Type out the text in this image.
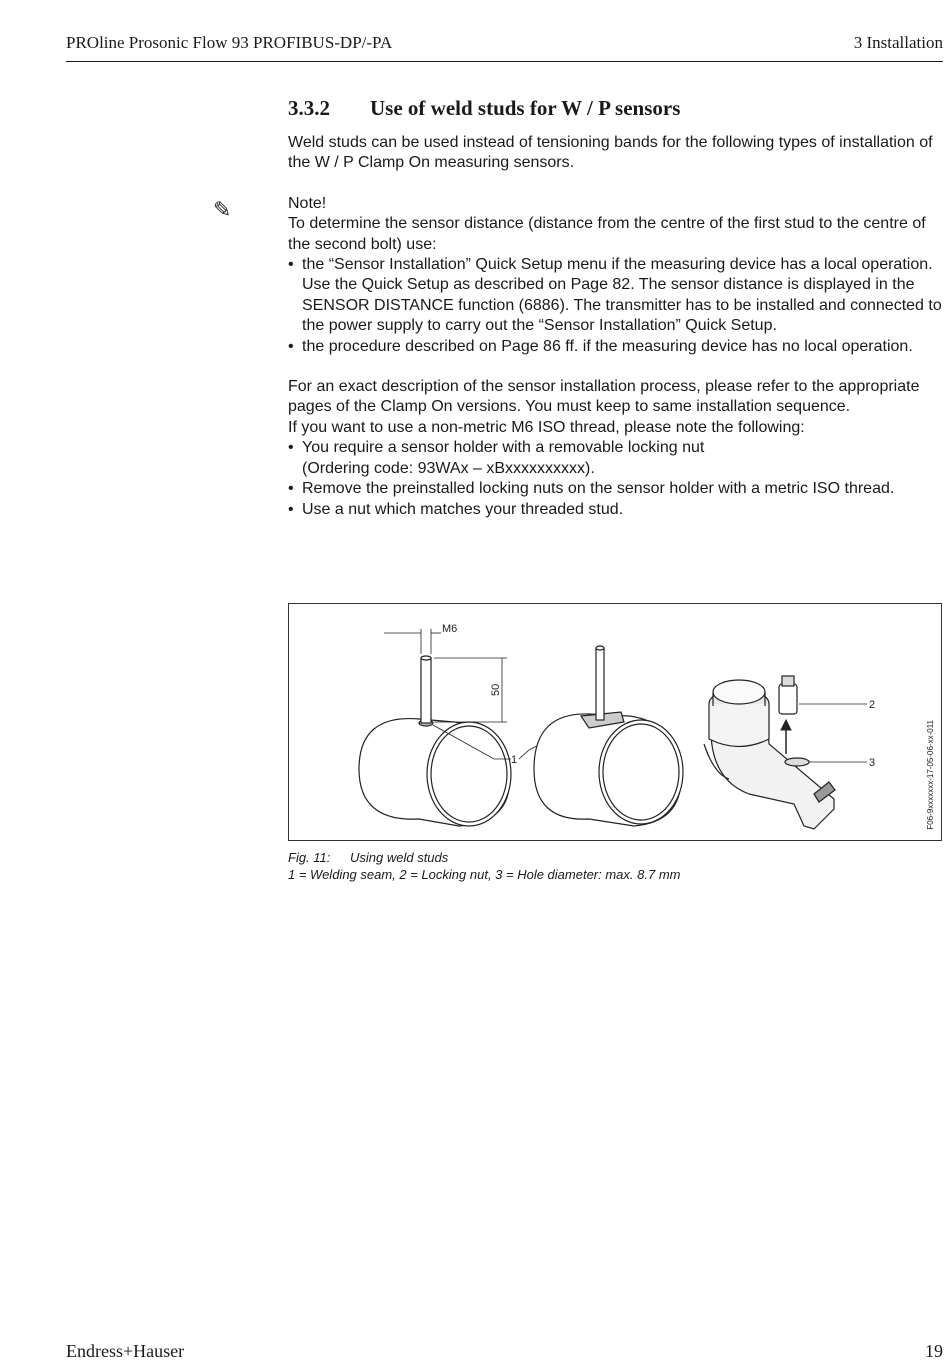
PROline Prosonic Flow 93 PROFIBUS-DP/-PA	3 Installation
✎
3.3.2 Use of weld studs for W / P sensors

Weld studs can be used instead of tensioning bands for the following types of installation of the W / P Clamp On measuring sensors.

Note!

To determine the sensor distance (distance from the centre of the first stud to the centre of the second bolt) use:

• the “Sensor Installation” Quick Setup menu if the measuring device has a local operation. Use the Quick Setup as described on Page 82. The sensor distance is displayed in the SENSOR DISTANCE function (6886). The transmitter has to be installed and connected to the power supply to carry out the “Sensor Installation” Quick Setup.
• the procedure described on Page 86 ff. if the measuring device has no local operation.

For an exact description of the sensor installation process, please refer to the appropriate pages of the Clamp On versions. You must keep to same installation sequence.

If you want to use a non-metric M6 ISO thread, please note the following:

• You require a sensor holder with a removable locking nut
(Ordering code: 93WAx – xBxxxxxxxxxx).
• Remove the preinstalled locking nuts on the sensor holder with a metric ISO thread.
• Use a nut which matches your threaded stud.
M6
50
1
2
3	F06-9xxxxxxx-17-05-06-xx-011
Fig. 11: Using weld studs
1 = Welding seam, 2 = Locking nut, 3 = Hole diameter: max. 8.7 mm
Endress+Hauser	19
